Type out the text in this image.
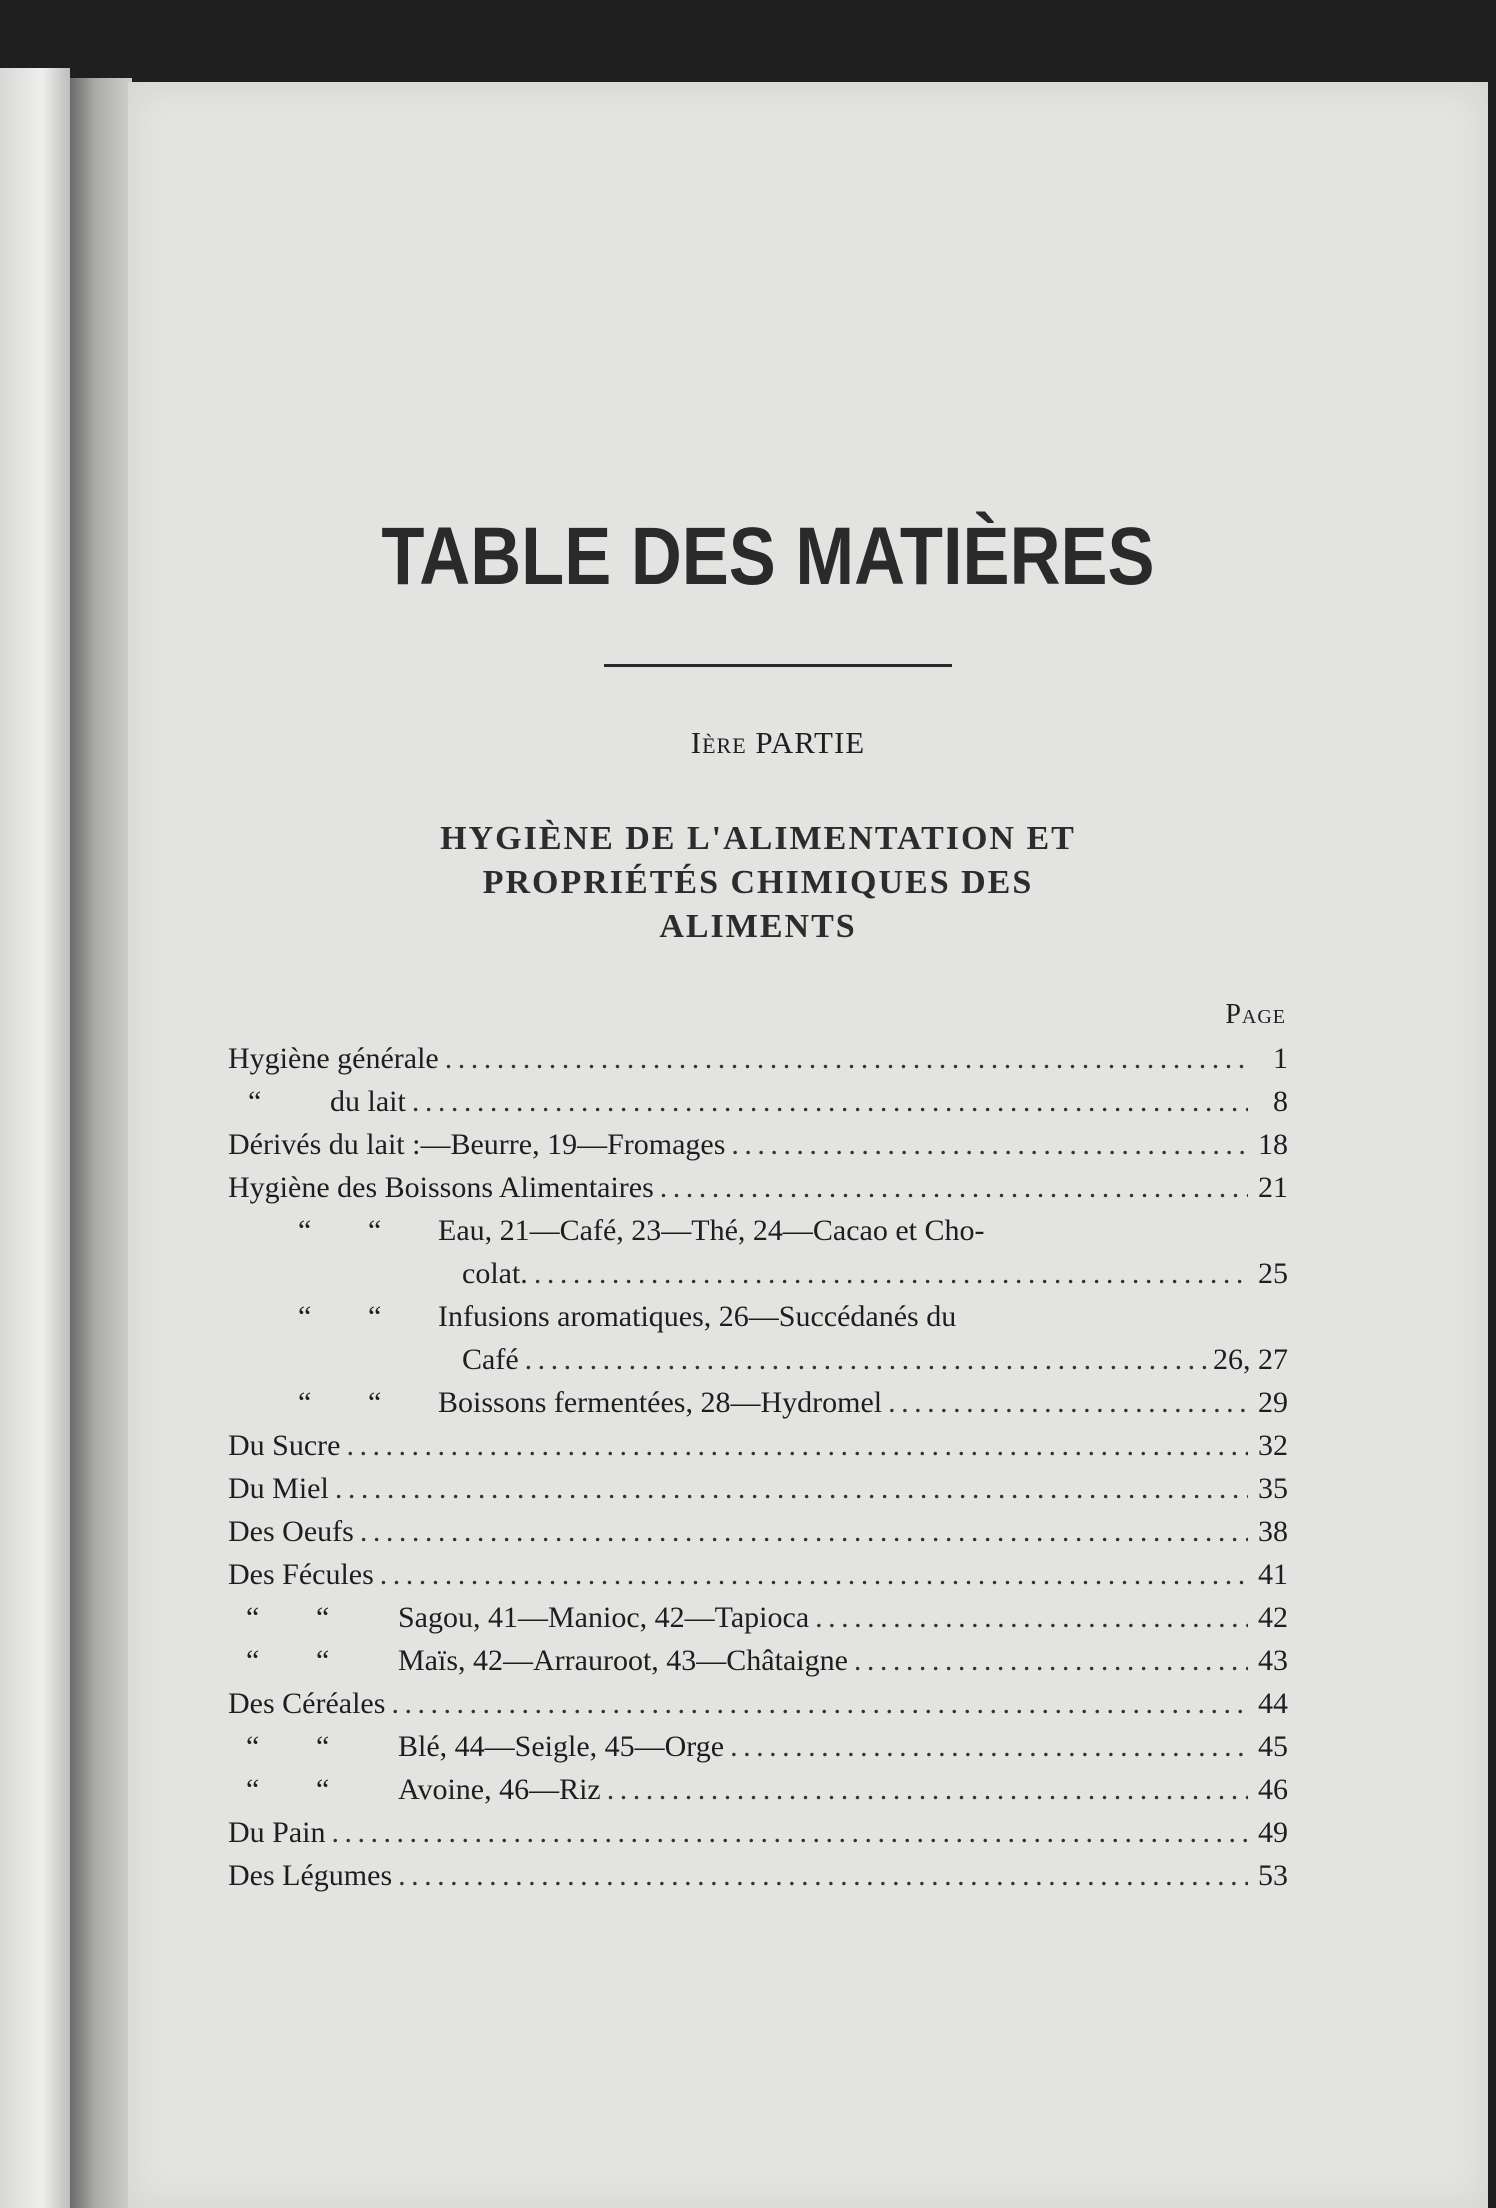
TABLE DES MATIÈRES
Ière PARTIE
HYGIÈNE DE L'ALIMENTATION ET
PROPRIÉTÉS CHIMIQUES DES
ALIMENTS
Page
Hygiène générale . . .	1
“ du lait . . .	8
Dérivés du lait :—Beurre, 19—Fromages . . .	18
Hygiène des Boissons Alimentaires . . .	21
“	“	Eau, 21—Café, 23—Thé, 24—Cacao et Cho-
colat. . . .	25
“	“	Infusions aromatiques, 26—Succédanés du
Café . . .	26, 27
“ “ Boissons fermentées, 28—Hydromel . . .	29
Du Sucre . . .	32
Du Miel . . .	35
Des Oeufs . . .	38
Des Fécules . . .	41
“ “ Sagou, 41—Manioc, 42—Tapioca . . .	42
“ “ Maïs, 42—Arrauroot, 43—Châtaigne . . .	43
Des Céréales . . .	44
“ “ Blé, 44—Seigle, 45—Orge . . .	45
“ “ Avoine, 46—Riz . . .	46
Du Pain . . .	49
Des Légumes . . .	53
